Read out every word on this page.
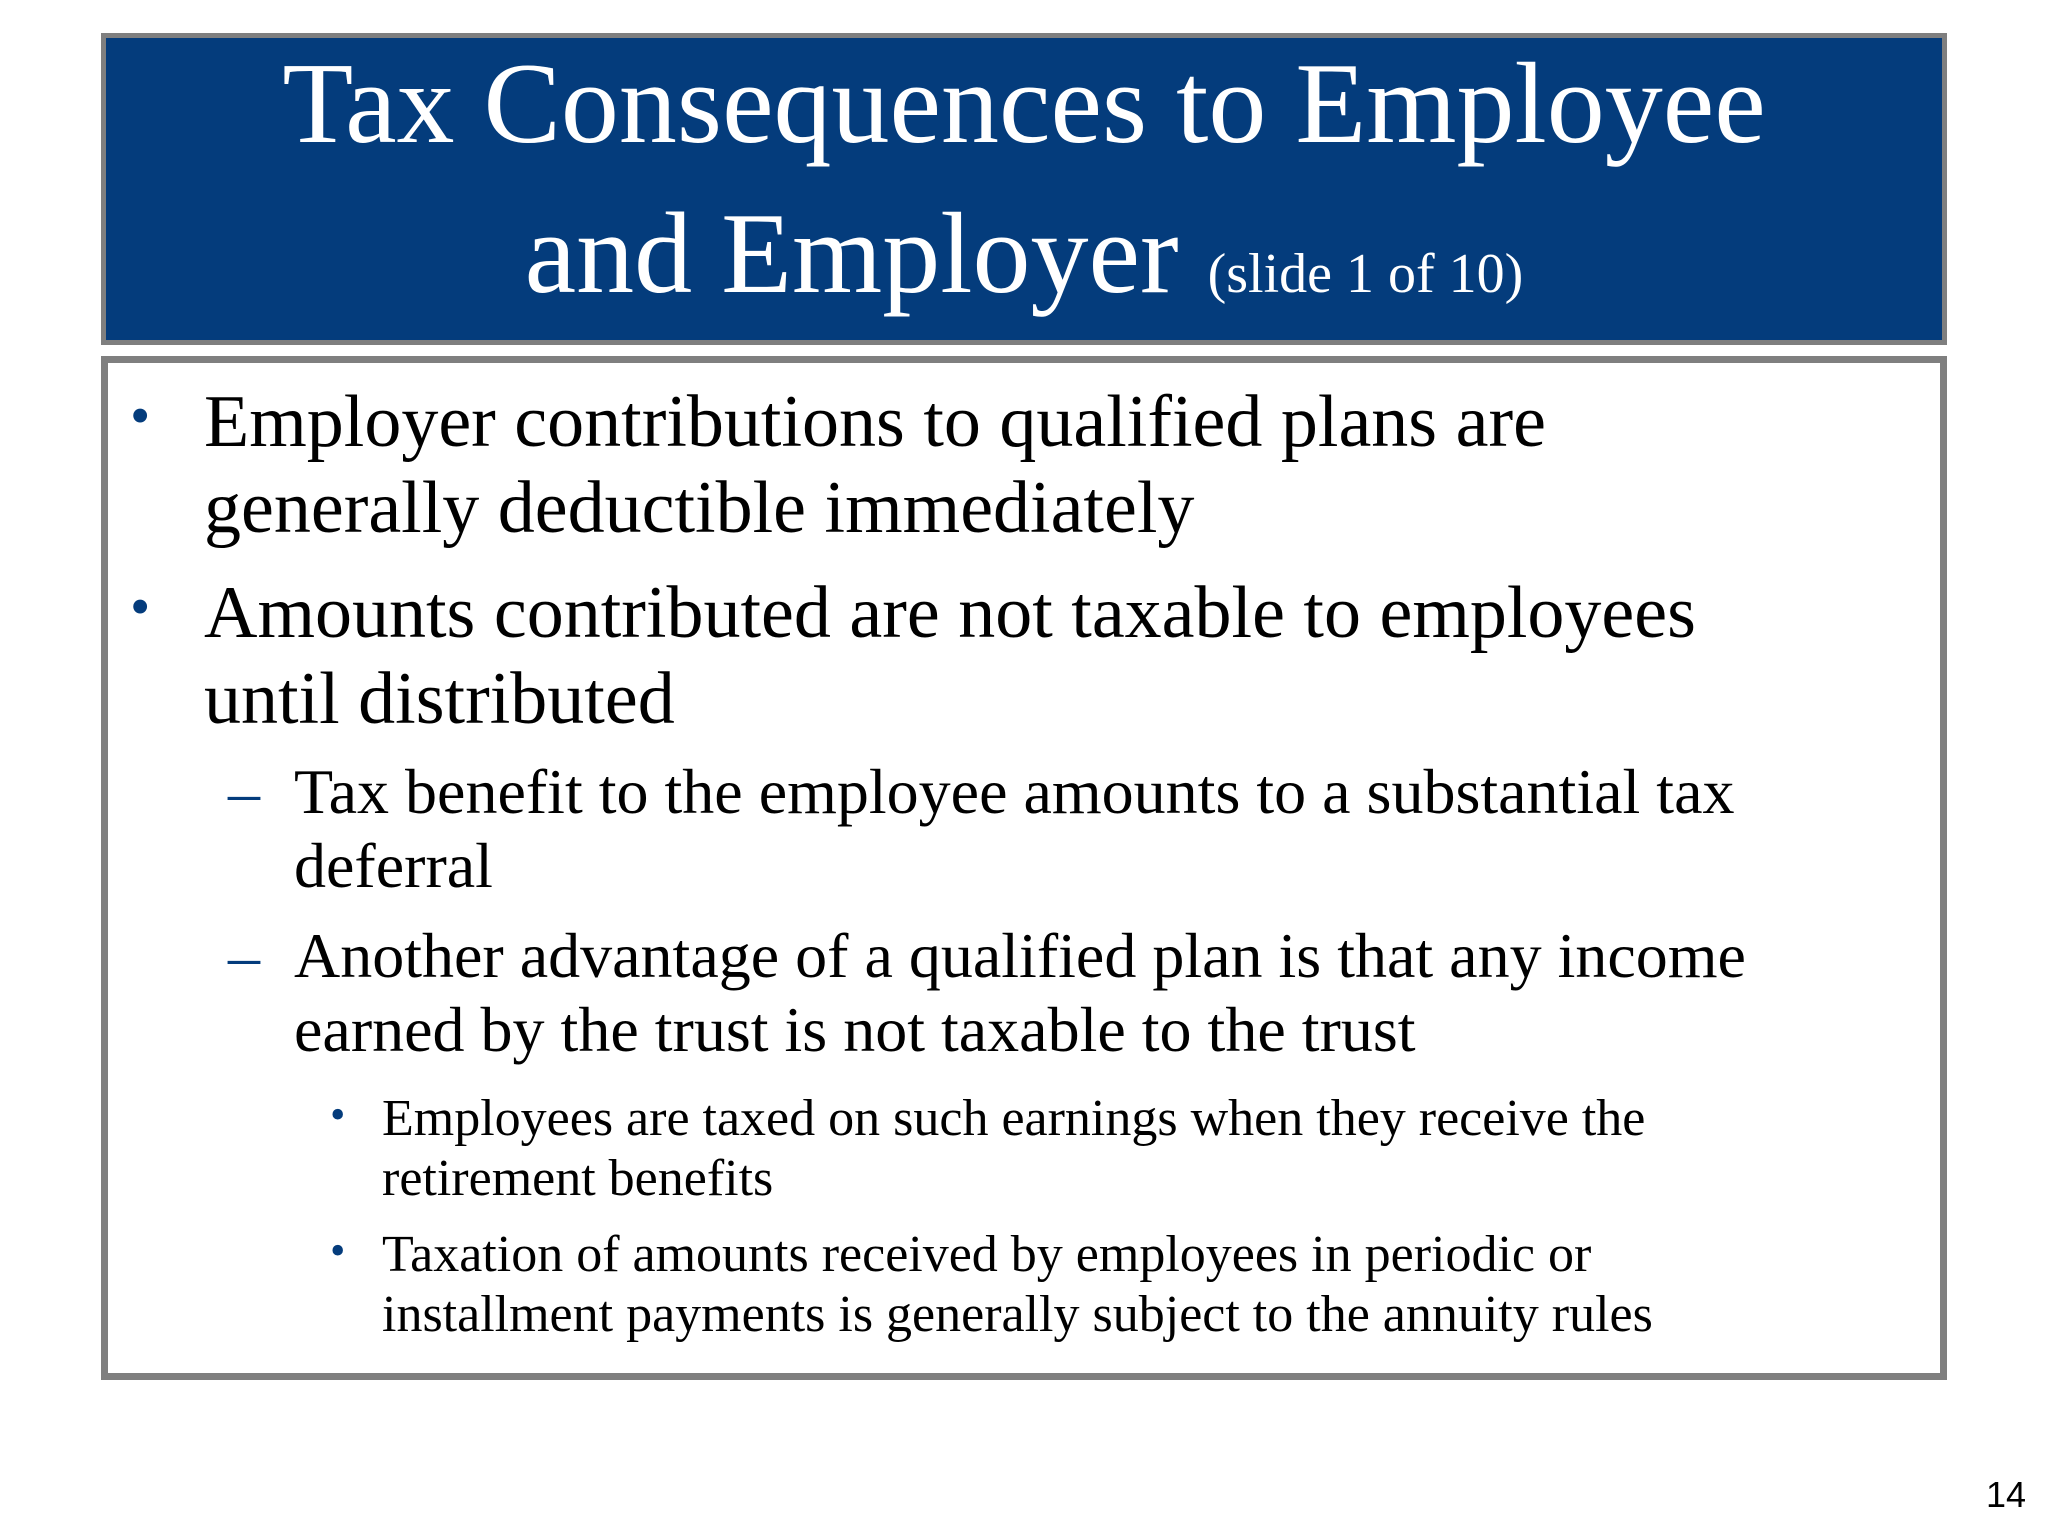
Tax Consequences to Employee
and Employer (slide 1 of 10)
• Employer contributions to qualified plans are
generally deductible immediately
• Amounts contributed are not taxable to employees
until distributed
– Tax benefit to the employee amounts to a substantial tax
deferral
– Another advantage of a qualified plan is that any income
earned by the trust is not taxable to the trust
• Employees are taxed on such earnings when they receive the
retirement benefits
• Taxation of amounts received by employees in periodic or
installment payments is generally subject to the annuity rules
14
